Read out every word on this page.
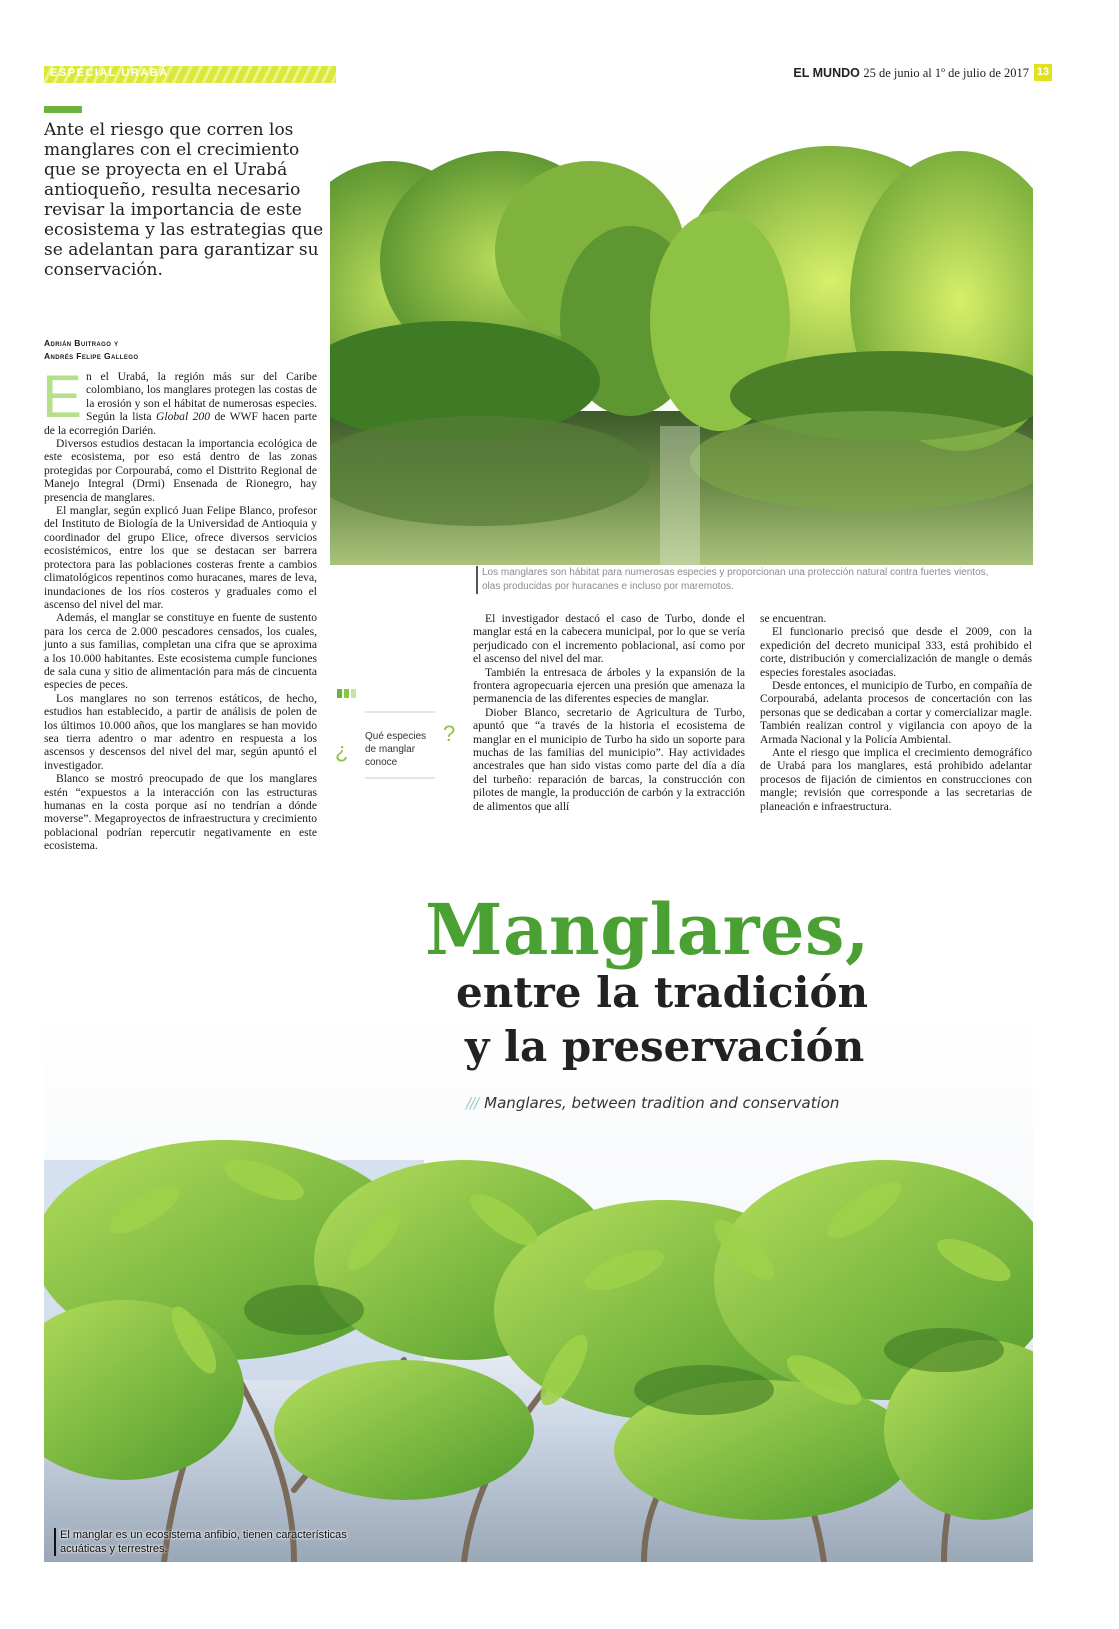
ESPECIAL URABÁ	EL MUNDO 25 de junio al 1º de julio de 2017 13

Ante el riesgo que corren los manglares con el crecimiento que se proyecta en el Urabá antioqueño, resulta necesario revisar la importancia de este ecosistema y las estrategias que se adelantan para garantizar su conservación.

Adrián Buitrago y
Andrés Felipe Gallego

En el Urabá, la región más sur del Caribe colombiano, los manglares protegen las costas de la erosión y son el hábitat de numerosas especies. Según la lista Global 200 de WWF hacen parte de la ecorregión Darién.

Diversos estudios destacan la importancia ecológica de este ecosistema, por eso está dentro de las zonas protegidas por Corpourabá, como el Disttrito Regional de Manejo Integral (Drmi) Ensenada de Rionegro, hay presencia de manglares.

El manglar, según explicó Juan Felipe Blanco, profesor del Instituto de Biología de la Universidad de Antioquia y coordinador del grupo Elice, ofrece diversos servicios ecosistémicos, entre los que se destacan ser barrera protectora para las poblaciones costeras frente a cambios climatológicos repentinos como huracanes, mares de leva, inundaciones de los ríos costeros y graduales como el ascenso del nivel del mar.

Además, el manglar se constituye en fuente de sustento para los cerca de 2.000 pescadores censados, los cuales, junto a sus familias, completan una cifra que se aproxima a los 10.000 habitantes. Este ecosistema cumple funciones de sala cuna y sitio de alimentación para más de cincuenta especies de peces.

Los manglares no son terrenos estáticos, de hecho, estudios han establecido, a partir de análisis de polen de los últimos 10.000 años, que los manglares se han movido sea tierra adentro o mar adentro en respuesta a los ascensos y descensos del nivel del mar, según apuntó el investigador.

Blanco se mostró preocupado de que los manglares estén “expuestos a la interacción con las estructuras humanas en la costa porque así no tendrían a dónde moverse”. Megaproyectos de infraestructura y crecimiento poblacional podrían repercutir negativamente en este ecosistema.

Los manglares son hábitat para numerosas especies y proporcionan una protección natural contra fuertes vientos, olas producidas por huracanes e incluso por maremotos.
¿
Qué especies de manglar conoce
?

El investigador destacó el caso de Turbo, donde el manglar está en la cabecera municipal, por lo que se vería perjudicado con el incremento poblacional, así como por el ascenso del nivel del mar.

También la entresaca de árboles y la expansión de la frontera agropecuaria ejercen una presión que amenaza la permanencia de las diferentes especies de manglar.

Diober Blanco, secretario de Agricultura de Turbo, apuntó que “a través de la historia el ecosistema de manglar en el municipio de Turbo ha sido un soporte para muchas de las familias del municipio”. Hay actividades ancestrales que han sido vistas como parte del día a día del turbeño: reparación de barcas, la construcción con pilotes de mangle, la producción de carbón y la extracción de alimentos que allí

se encuentran.

El funcionario precisó que desde el 2009, con la expedición del decreto municipal 333, está prohibido el corte, distribución y comercialización de mangle o demás especies forestales asociadas.

Desde entonces, el municipio de Turbo, en compañía de Corpourabá, adelanta procesos de concertación con las personas que se dedicaban a cortar y comercializar magle. También realizan control y vigilancia con apoyo de la Armada Nacional y la Policía Ambiental.

Ante el riesgo que implica el crecimiento demográfico de Urabá para los manglares, está prohibido adelantar procesos de fijación de cimientos en construcciones con mangle; revisión que corresponde a las secretarias de planeación e infraestructura.

El manglar es un ecosistema anfibio, tienen características acuáticas y terrestres.
Manglares,
entre la tradición
y la preservación
/// Manglares, between tradition and conservation
